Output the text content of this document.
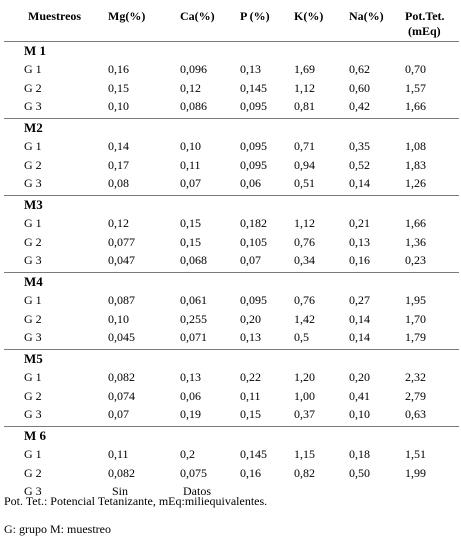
Muestreos Mg(%)	Ca(%) P (%) K(%) Na(%) Pot.Tet.
(mEq)
M 1
G 1	0,16	0,096	0,13	1,69	0,62	0,70
G 2	0,15	0,12	0,145 1,12	0,60	1,57
G 3	0,10	0,086	0,095 0,81	0,42	1,66
M2
G 1	0,14	0,10	0,095 0,71	0,35	1,08
G 2	0,17	0,11	0,095 0,94	0,52	1,83
G 3	0,08	0,07	0,06	0,51	0,14	1,26
M3
G 1	0,12	0,15	0,182 1,12	0,21	1,66
G 2	0,077	0,15	0,105 0,76	0,13	1,36
G 3	0,047	0,068	0,07	0,34	0,16	0,23
M4
G 1	0,087	0,061	0,095 0,76	0,27	1,95
G 2	0,10	0,255	0,20	1,42	0,14	1,70
G 3	0,045	0,071	0,13	0,5	0,14	1,79
M5
G 1	0,082	0,13	0,22	1,20	0,20	2,32
G 2	0,074	0,06	0,11	1,00	0,41	2,79
G 3	0,07	0,19	0,15	0,37	0,10	0,63
M 6
G 1	0,11	0,2	0,145 1,15	0,18	1,51
G 2	0,082	0,075	0,16	0,82	0,50	1,99
G 3	Sin	Datos
Pot. Tet.: Potencial Tetanizante, mEq:miliequivalentes.
G: grupo M: muestreo
